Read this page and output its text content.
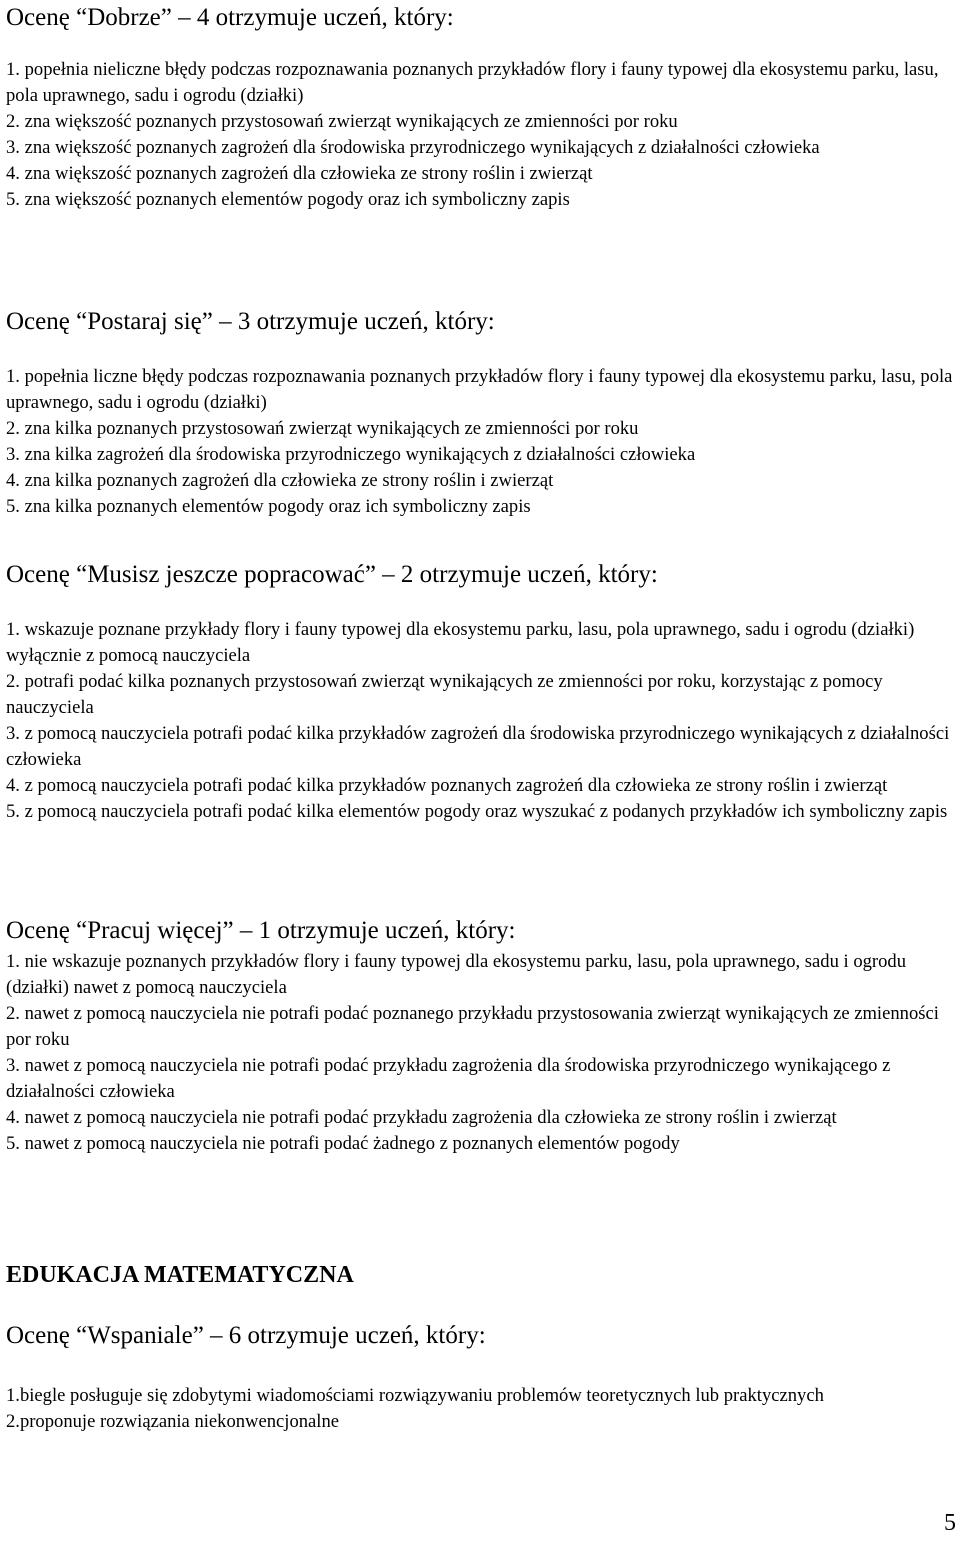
Ocenę “Dobrze” – 4 otrzymuje uczeń, który:
1. popełnia nieliczne błędy podczas rozpoznawania poznanych przykładów flory i fauny typowej dla ekosystemu parku, lasu, pola uprawnego, sadu i ogrodu (działki)
2. zna większość poznanych przystosowań zwierząt wynikających ze zmienności por roku
3. zna większość poznanych zagrożeń dla środowiska przyrodniczego wynikających z działalności człowieka
4. zna większość poznanych zagrożeń dla człowieka ze strony roślin i zwierząt
5. zna większość poznanych elementów pogody oraz ich symboliczny zapis
Ocenę “Postaraj się” – 3 otrzymuje uczeń, który:
1. popełnia liczne błędy podczas rozpoznawania poznanych przykładów flory i fauny typowej dla ekosystemu parku, lasu, pola uprawnego, sadu i ogrodu (działki)
2. zna kilka poznanych przystosowań zwierząt wynikających ze zmienności por roku
3. zna kilka zagrożeń dla środowiska przyrodniczego wynikających z działalności człowieka
4. zna kilka poznanych zagrożeń dla człowieka ze strony roślin i zwierząt
5. zna kilka poznanych elementów pogody oraz ich symboliczny zapis
Ocenę “Musisz jeszcze popracować” – 2 otrzymuje uczeń, który:
1. wskazuje poznane przykłady flory i fauny typowej dla ekosystemu parku, lasu, pola uprawnego, sadu i ogrodu (działki) wyłącznie z pomocą nauczyciela
2. potrafi podać kilka poznanych przystosowań zwierząt wynikających ze zmienności por roku, korzystając z pomocy nauczyciela
3. z pomocą nauczyciela potrafi podać kilka przykładów zagrożeń dla środowiska przyrodniczego wynikających z działalności człowieka
4. z pomocą nauczyciela potrafi podać kilka przykładów poznanych zagrożeń dla człowieka ze strony roślin i zwierząt
5. z pomocą nauczyciela potrafi podać kilka elementów pogody oraz wyszukać z podanych przykładów ich symboliczny zapis
Ocenę “Pracuj więcej” – 1 otrzymuje uczeń, który:
1. nie wskazuje poznanych przykładów flory i fauny typowej dla ekosystemu parku, lasu, pola uprawnego, sadu i ogrodu (działki) nawet z pomocą nauczyciela
2. nawet z pomocą nauczyciela nie potrafi podać poznanego przykładu przystosowania zwierząt wynikających ze zmienności por roku
3. nawet z pomocą nauczyciela nie potrafi podać przykładu zagrożenia dla środowiska przyrodniczego wynikającego z działalności człowieka
4. nawet z pomocą nauczyciela nie potrafi podać przykładu zagrożenia dla człowieka ze strony roślin i zwierząt
5. nawet z pomocą nauczyciela nie potrafi podać żadnego z poznanych elementów pogody
EDUKACJA MATEMATYCZNA
Ocenę “Wspaniale” – 6 otrzymuje uczeń, który:
1.biegle posługuje się zdobytymi wiadomościami rozwiązywaniu problemów teoretycznych lub praktycznych
2.proponuje rozwiązania niekonwencjonalne
5
